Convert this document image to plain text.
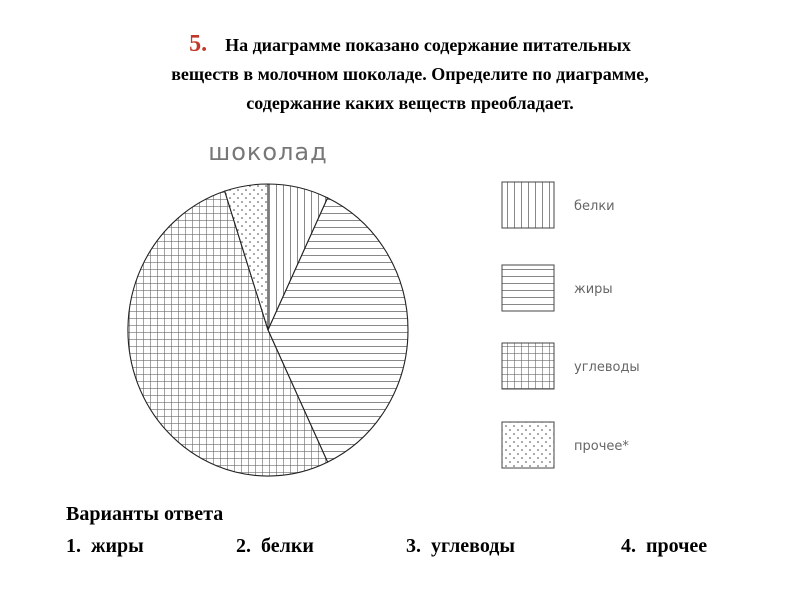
5. На диаграмме показано содержание питательных
веществ в молочном шоколаде. Определите по диаграмме,
содержание каких веществ преобладает.
шоколад
белки
жиры
углеводы
прочее*
Варианты ответа
1. жиры	2. белки	3. углеводы	4. прочее
